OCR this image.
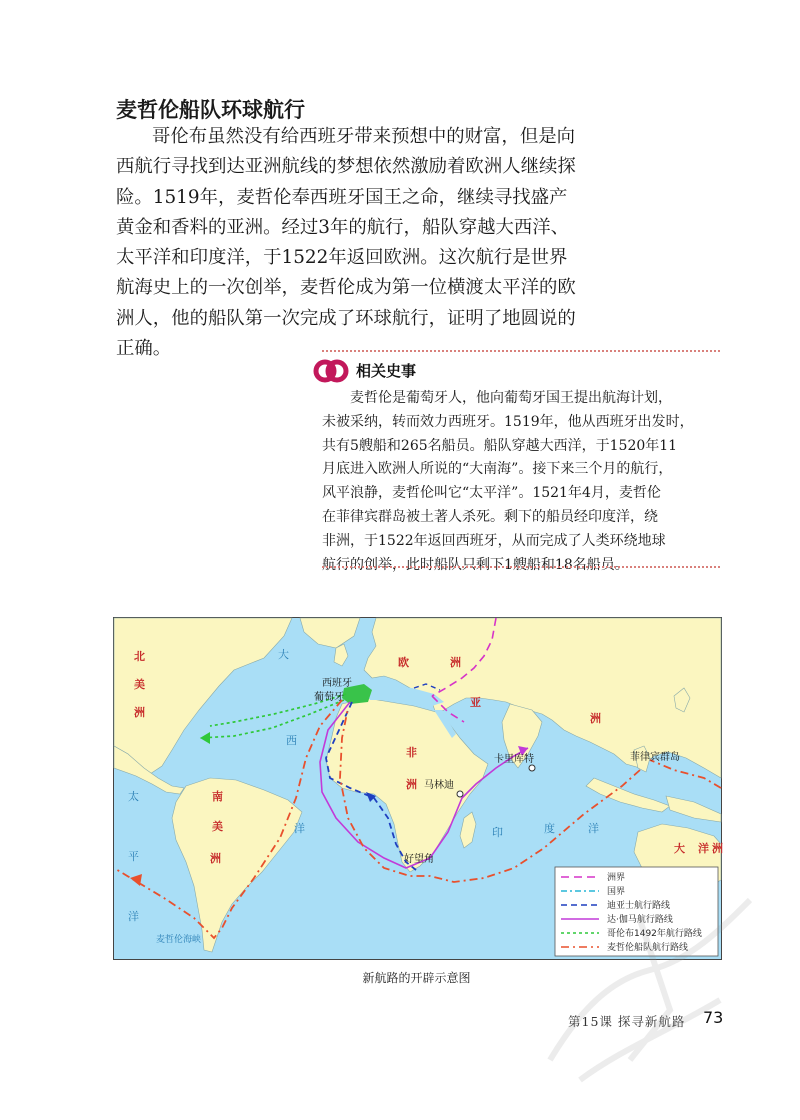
麦哲伦船队环球航行
哥伦布虽然没有给西班牙带来预想中的财富，但是向
西航行寻找到达亚洲航线的梦想依然激励着欧洲人继续探
险。1519年，麦哲伦奉西班牙国王之命，继续寻找盛产
黄金和香料的亚洲。经过3年的航行，船队穿越大西洋、
太平洋和印度洋，于1522年返回欧洲。这次航行是世界
航海史上的一次创举，麦哲伦成为第一位横渡太平洋的欧
洲人，他的船队第一次完成了环球航行，证明了地圆说的
正确。
相关史事
麦哲伦是葡萄牙人，他向葡萄牙国王提出航海计划，
未被采纳，转而效力西班牙。1519年，他从西班牙出发时，
共有5艘船和265名船员。船队穿越大西洋，于1520年11
月底进入欧洲人所说的“大南海”。接下来三个月的航行，
风平浪静，麦哲伦叫它“太平洋”。1521年4月，麦哲伦
在菲律宾群岛被土著人杀死。剩下的船员经印度洋，绕
非洲，于1522年返回西班牙，从而完成了人类环绕地球
航行的创举，此时船队只剩下1艘船和18名船员。
北
美
洲
南
美
洲
欧	洲
亚
洲
非
洲
大 洋 洲
大
西
洋
太
平
洋
印	度	洋
西班牙
葡萄牙
卡里库特
马林迪
好望角
菲律宾群岛
麦哲伦海峡
洲界
国界
迪亚士航行路线
达·伽马航行路线
哥伦布1492年航行路线
麦哲伦船队航行路线
新航路的开辟示意图
第15课 探寻新航路 73
